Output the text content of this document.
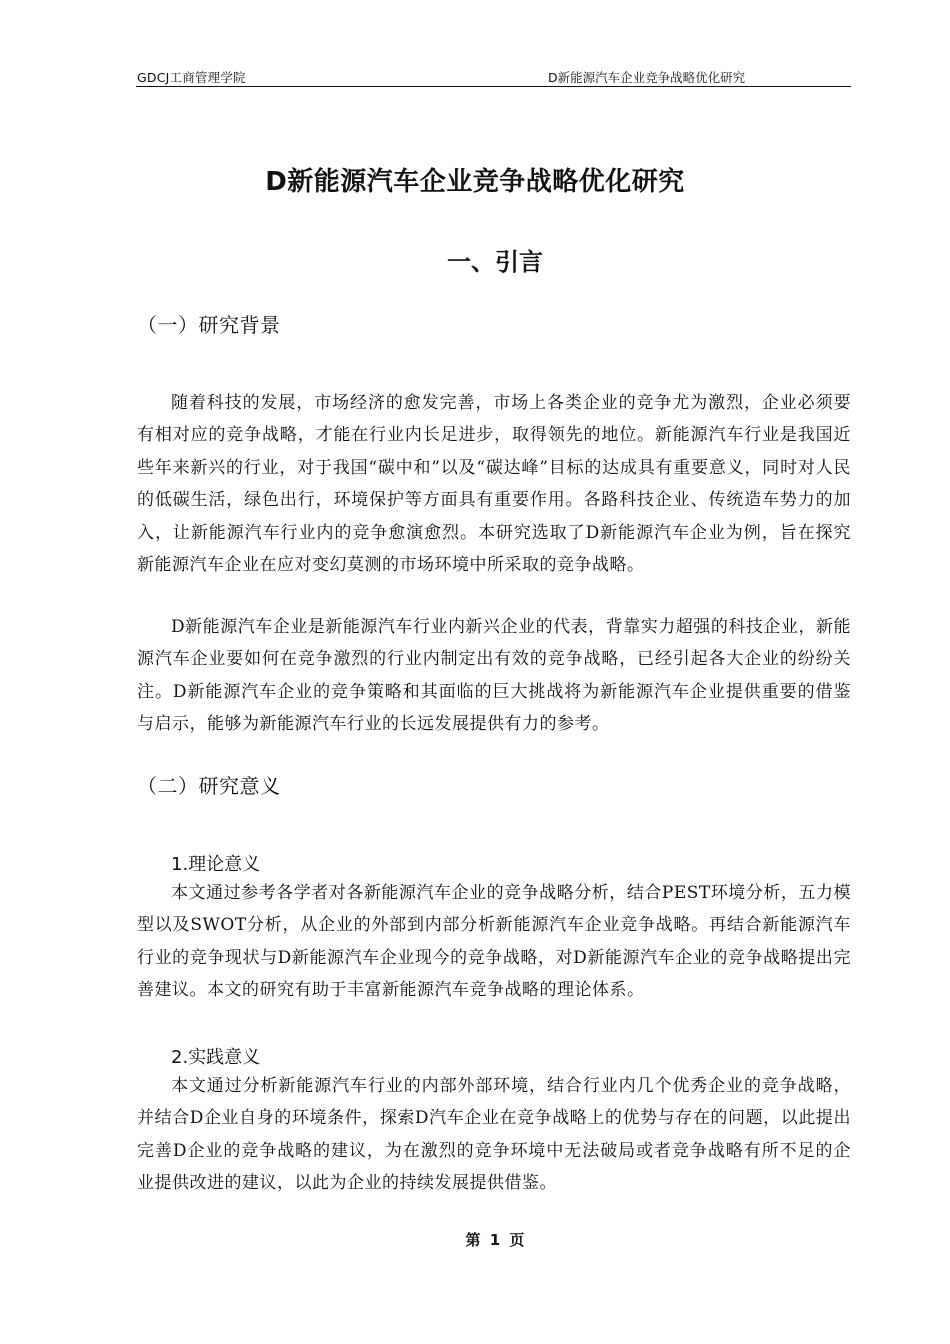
GDCJ工商管理学院	D新能源汽车企业竞争战略优化研究
D新能源汽车企业竞争战略优化研究
一、引言
（一）研究背景

随着科技的发展，市场经济的愈发完善，市场上各类企业的竞争尤为激烈，企业必须要有相对应的竞争战略，才能在行业内长足进步，取得领先的地位。新能源汽车行业是我国近些年来新兴的行业，对于我国“碳中和”以及“碳达峰”目标的达成具有重要意义，同时对人民的低碳生活，绿色出行，环境保护等方面具有重要作用。各路科技企业、传统造车势力的加入，让新能源汽车行业内的竞争愈演愈烈。本研究选取了D新能源汽车企业为例，旨在探究新能源汽车企业在应对变幻莫测的市场环境中所采取的竞争战略。

D新能源汽车企业是新能源汽车行业内新兴企业的代表，背靠实力超强的科技企业，新能源汽车企业要如何在竞争激烈的行业内制定出有效的竞争战略，已经引起各大企业的纷纷关注。D新能源汽车企业的竞争策略和其面临的巨大挑战将为新能源汽车企业提供重要的借鉴与启示，能够为新能源汽车行业的长远发展提供有力的参考。

（二）研究意义
1.理论意义

本文通过参考各学者对各新能源汽车企业的竞争战略分析，结合PEST环境分析，五力模型以及SWOT分析，从企业的外部到内部分析新能源汽车企业竞争战略。再结合新能源汽车行业的竞争现状与D新能源汽车企业现今的竞争战略，对D新能源汽车企业的竞争战略提出完善建议。本文的研究有助于丰富新能源汽车竞争战略的理论体系。

2.实践意义

本文通过分析新能源汽车行业的内部外部环境，结合行业内几个优秀企业的竞争战略，并结合D企业自身的环境条件，探索D汽车企业在竞争战略上的优势与存在的问题，以此提出完善D企业的竞争战略的建议，为在激烈的竞争环境中无法破局或者竞争战略有所不足的企业提供改进的建议，以此为企业的持续发展提供借鉴。

第 1 页
